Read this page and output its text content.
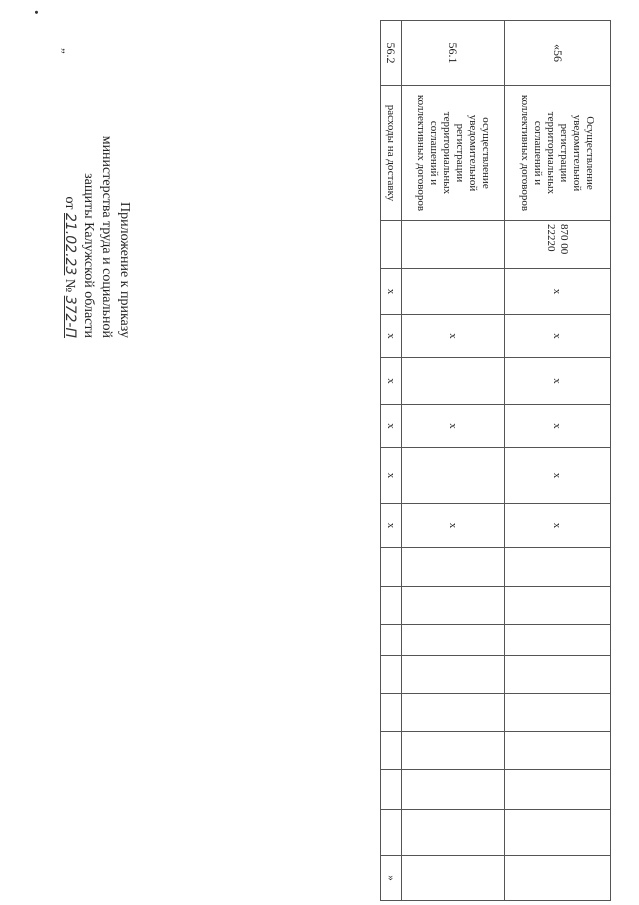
•
”
Приложение к приказу
министерства труда и социальной
защиты Калужской области
от 21.02.23 № 372-П
«56	Осуществление уведомительной регистрации территориальных соглашений и коллективных договоров	870 00 22220	х	х	х	х	х	х									
56.1	осуществление уведомительной регистрации территориальных соглашений и коллективных договоров			х		х		х									
56.2	расходы на доставку		х	х	х	х	х	х									»
